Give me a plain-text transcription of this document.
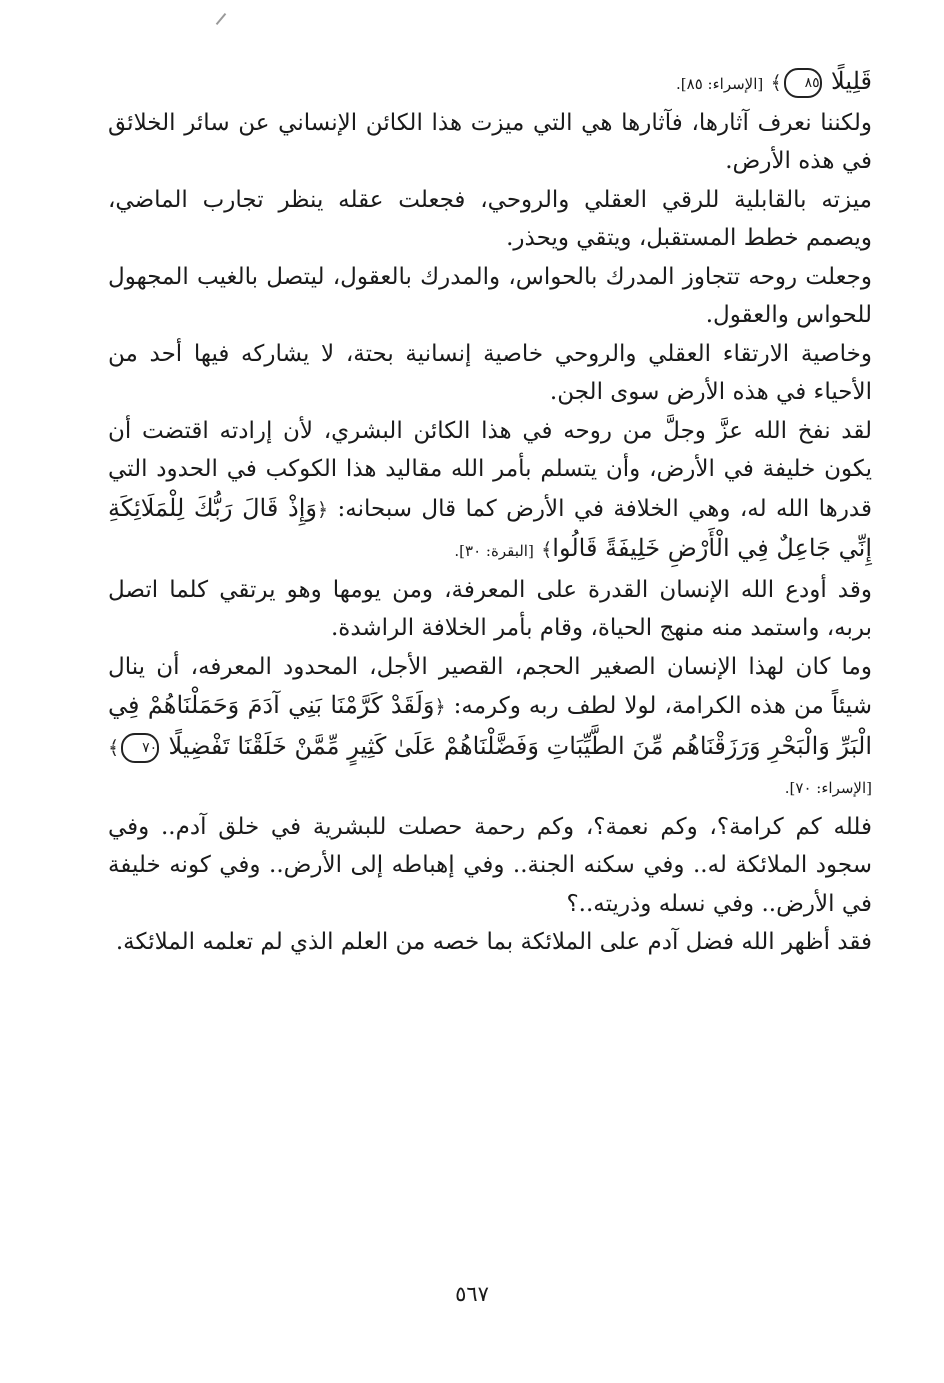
قَلِيلًا ٨٥﴾ [الإسراء: ٨٥].

ولكننا نعرف آثارها، فآثارها هي التي ميزت هذا الكائن الإنساني عن سائر الخلائق في هذه الأرض.

ميزته بالقابلية للرقي العقلي والروحي، فجعلت عقله ينظر تجارب الماضي، ويصمم خطط المستقبل، ويتقي ويحذر.

وجعلت روحه تتجاوز المدرك بالحواس، والمدرك بالعقول، ليتصل بالغيب المجهول للحواس والعقول.

وخاصية الارتقاء العقلي والروحي خاصية إنسانية بحتة، لا يشاركه فيها أحد من الأحياء في هذه الأرض سوى الجن.

لقد نفخ الله عزَّ وجلَّ من روحه في هذا الكائن البشري، لأن إرادته اقتضت أن يكون خليفة في الأرض، وأن يتسلم بأمر الله مقاليد هذا الكوكب في الحدود التي قدرها الله له، وهي الخلافة في الأرض كما قال سبحانه: ﴿وَإِذْ قَالَ رَبُّكَ لِلْمَلَائِكَةِ إِنِّي جَاعِلٌ فِي الْأَرْضِ خَلِيفَةً قَالُوا﴾ [البقرة: ٣٠].

وقد أودع الله الإنسان القدرة على المعرفة، ومن يومها وهو يرتقي كلما اتصل بربه، واستمد منه منهج الحياة، وقام بأمر الخلافة الراشدة.

وما كان لهذا الإنسان الصغير الحجم، القصير الأجل، المحدود المعرفه، أن ينال شيئاً من هذه الكرامة، لولا لطف ربه وكرمه: ﴿وَلَقَدْ كَرَّمْنَا بَنِي آدَمَ وَحَمَلْنَاهُمْ فِي الْبَرِّ وَالْبَحْرِ وَرَزَقْنَاهُم مِّنَ الطَّيِّبَاتِ وَفَضَّلْنَاهُمْ عَلَىٰ كَثِيرٍ مِّمَّنْ خَلَقْنَا تَفْضِيلًا ٧٠﴾ [الإسراء: ٧٠].

فلله كم كرامة؟، وكم نعمة؟، وكم رحمة حصلت للبشرية في خلق آدم.. وفي سجود الملائكة له.. وفي سكنه الجنة.. وفي إهباطه إلى الأرض.. وفي كونه خليفة في الأرض.. وفي نسله وذريته..؟

فقد أظهر الله فضل آدم على الملائكة بما خصه من العلم الذي لم تعلمه الملائكة.

٥٦٧
